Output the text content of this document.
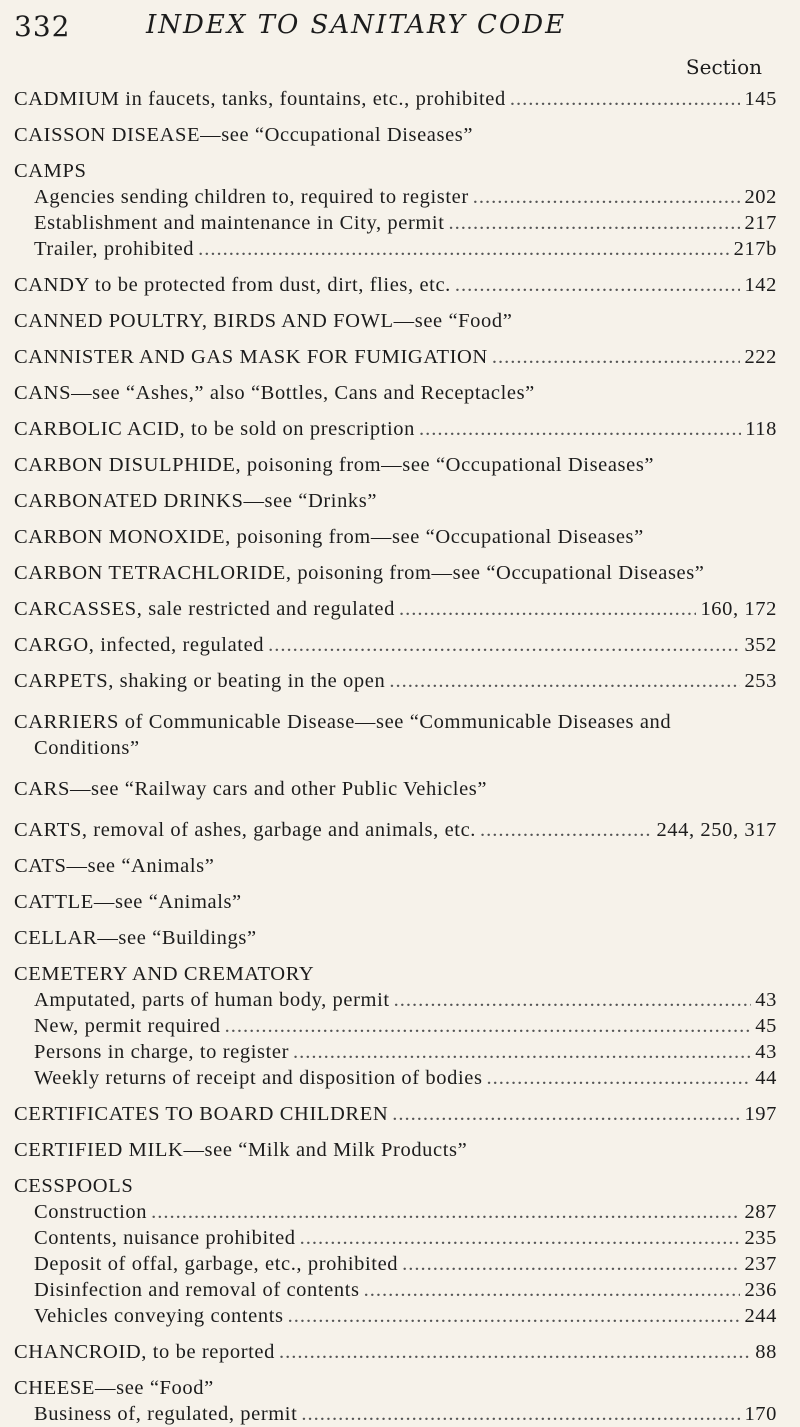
332	INDEX TO SANITARY CODE
Section
CADMIUM in faucets, tanks, fountains, etc., prohibited .....	145
CAISSON DISEASE—see “Occupational Diseases”
CAMPS
Agencies sending children to, required to register .....	202
Establishment and maintenance in City, permit .....	217
Trailer, prohibited .....	217b
CANDY to be protected from dust, dirt, flies, etc. .....	142
CANNED POULTRY, BIRDS AND FOWL—see “Food”
CANNISTER AND GAS MASK FOR FUMIGATION .....	222
CANS—see “Ashes,” also “Bottles, Cans and Receptacles”
CARBOLIC ACID, to be sold on prescription .....	118
CARBON DISULPHIDE, poisoning from—see “Occupational Diseases”
CARBONATED DRINKS—see “Drinks”
CARBON MONOXIDE, poisoning from—see “Occupational Diseases”
CARBON TETRACHLORIDE, poisoning from—see “Occupational Diseases”
CARCASSES, sale restricted and regulated .....	160, 172
CARGO, infected, regulated .....	352
CARPETS, shaking or beating in the open .....	253
CARRIERS of Communicable Disease—see “Communicable Diseases and
Conditions”
CARS—see “Railway cars and other Public Vehicles”
CARTS, removal of ashes, garbage and animals, etc. .....	244, 250, 317
CATS—see “Animals”
CATTLE—see “Animals”
CELLAR—see “Buildings”
CEMETERY AND CREMATORY
Amputated, parts of human body, permit .....	43
New, permit required .....	45
Persons in charge, to register .....	43
Weekly returns of receipt and disposition of bodies .....	44
CERTIFICATES TO BOARD CHILDREN .....	197
CERTIFIED MILK—see “Milk and Milk Products”
CESSPOOLS
Construction .....	287
Contents, nuisance prohibited .....	235
Deposit of offal, garbage, etc., prohibited .....	237
Disinfection and removal of contents .....	236
Vehicles conveying contents .....	244
CHANCROID, to be reported .....	88
CHEESE—see “Food”
Business of, regulated, permit .....	170
